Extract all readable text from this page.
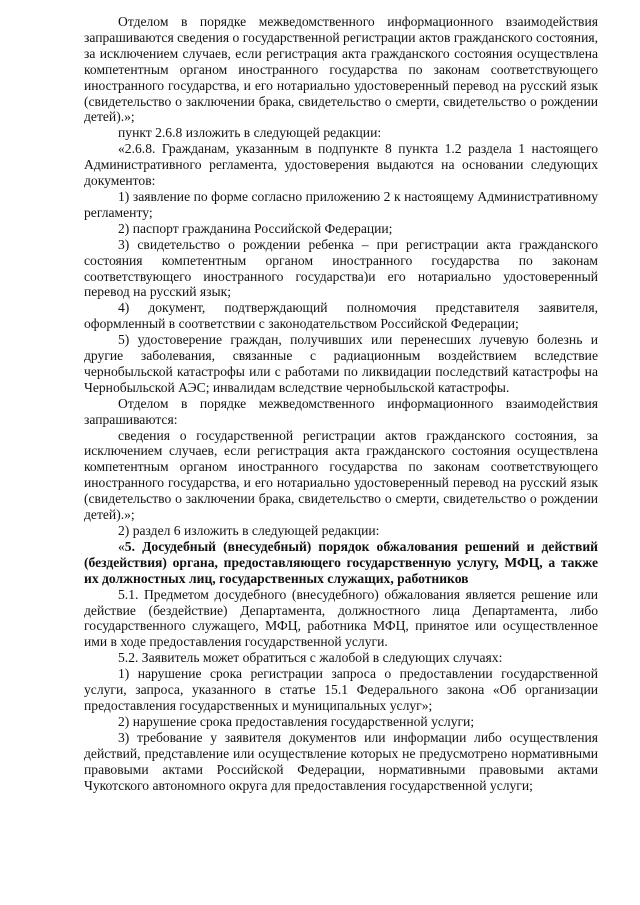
Отделом в порядке межведомственного информационного взаимодействия запрашиваются сведения о государственной регистрации актов гражданского состояния, за исключением случаев, если регистрация акта гражданского состояния осуществлена компетентным органом иностранного государства по законам соответствующего иностранного государства, и его нотариально удостоверенный перевод на русский язык (свидетельство о заключении брака, свидетельство о смерти, свидетельство о рождении детей).»;

пункт 2.6.8 изложить в следующей редакции:

«2.6.8. Гражданам, указанным в подпункте 8 пункта 1.2 раздела 1 настоящего Административного регламента, удостоверения выдаются на основании следующих документов:

1) заявление по форме согласно приложению 2 к настоящему Административному регламенту;

2) паспорт гражданина Российской Федерации;

3) свидетельство о рождении ребенка – при регистрации акта гражданского состояния компетентным органом иностранного государства по законам соответствующего иностранного государства)и его нотариально удостоверенный перевод на русский язык;

4) документ, подтверждающий полномочия представителя заявителя, оформленный в соответствии с законодательством Российской Федерации;

5) удостоверение граждан, получивших или перенесших лучевую болезнь и другие заболевания, связанные с радиационным воздействием вследствие чернобыльской катастрофы или с работами по ликвидации последствий катастрофы на Чернобыльской АЭС; инвалидам вследствие чернобыльской катастрофы.

Отделом в порядке межведомственного информационного взаимодействия запрашиваются:

сведения о государственной регистрации актов гражданского состояния, за исключением случаев, если регистрация акта гражданского состояния осуществлена компетентным органом иностранного государства по законам соответствующего иностранного государства, и его нотариально удостоверенный перевод на русский язык (свидетельство о заключении брака, свидетельство о смерти, свидетельство о рождении детей).»;

2) раздел 6 изложить в следующей редакции:

«5. Досудебный (внесудебный) порядок обжалования решений и действий (бездействия) органа, предоставляющего государственную услугу, МФЦ, а также их должностных лиц, государственных служащих, работников

5.1. Предметом досудебного (внесудебного) обжалования является решение или действие (бездействие) Департамента, должностного лица Департамента, либо государственного служащего, МФЦ, работника МФЦ, принятое или осуществленное ими в ходе предоставления государственной услуги.

5.2. Заявитель может обратиться с жалобой в следующих случаях:

1) нарушение срока регистрации запроса о предоставлении государственной услуги, запроса, указанного в статье 15.1 Федерального закона «Об организации предоставления государственных и муниципальных услуг»;

2) нарушение срока предоставления государственной услуги;

3) требование у заявителя документов или информации либо осуществления действий, представление или осуществление которых не предусмотрено нормативными правовыми актами Российской Федерации, нормативными правовыми актами Чукотского автономного округа для предоставления государственной услуги;
